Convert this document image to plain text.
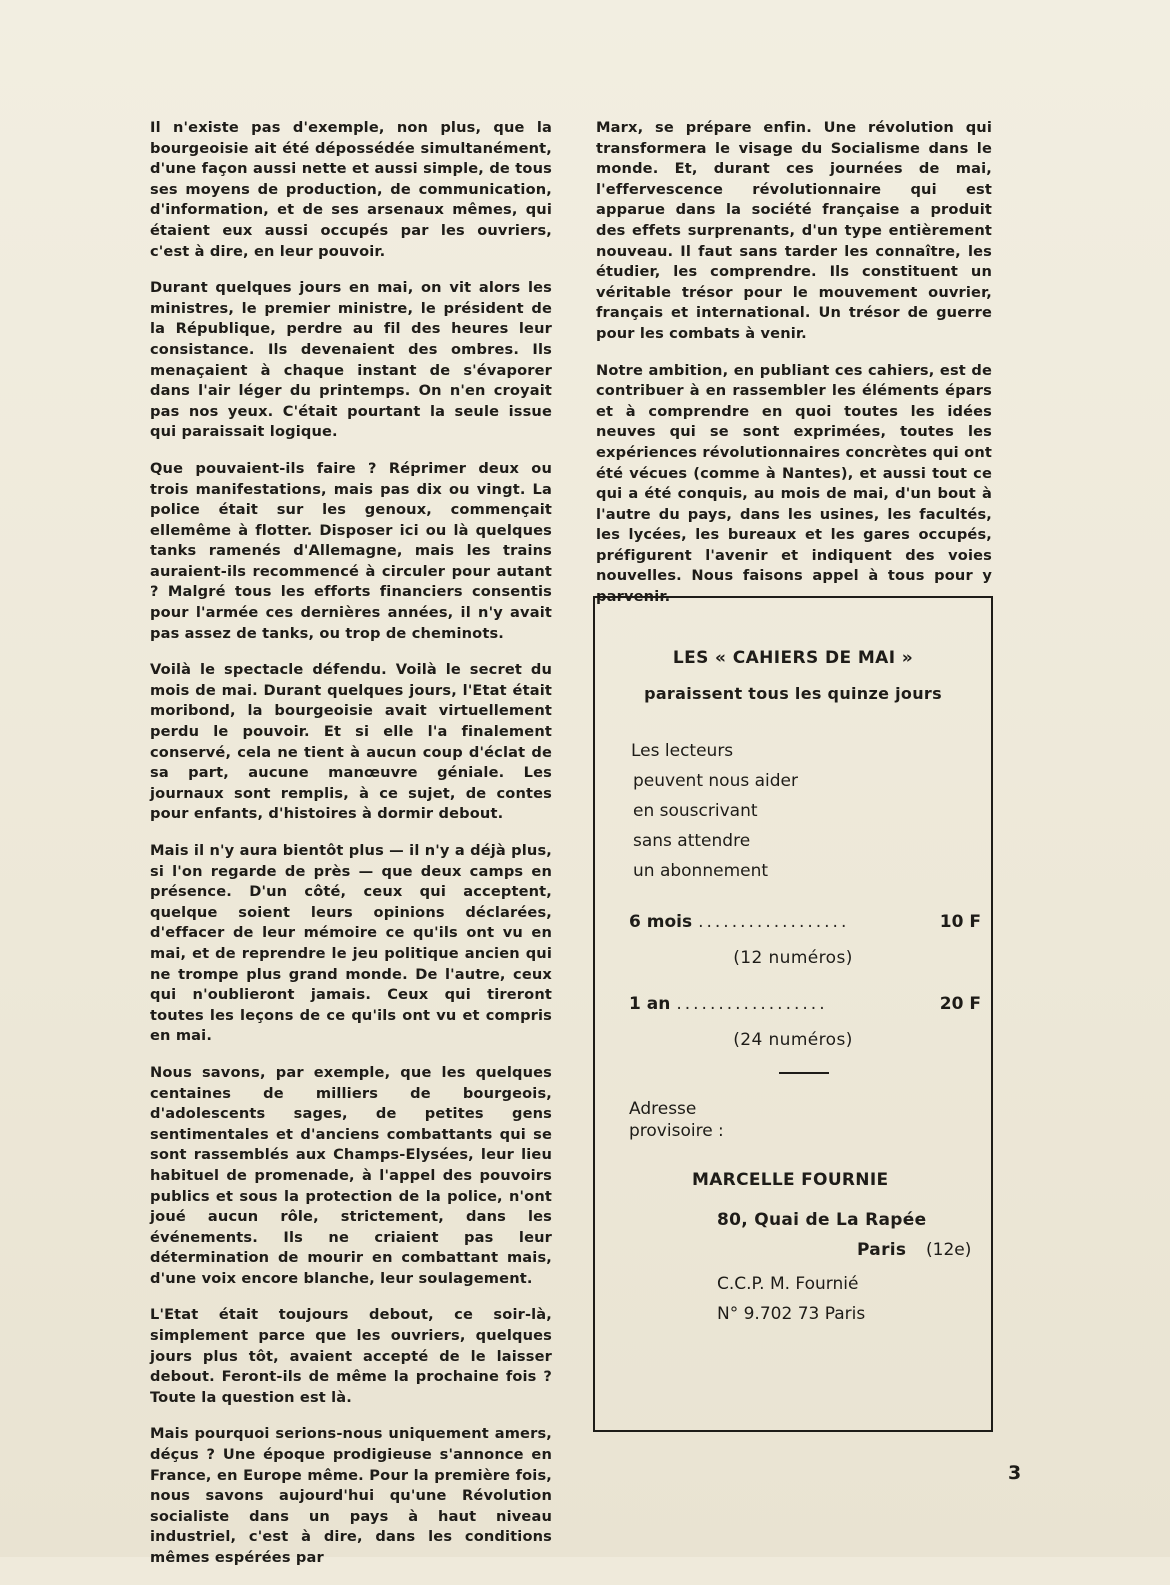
Il n'existe pas d'exemple, non plus, que la bourgeoisie ait été dépossédée simultanément, d'une façon aussi nette et aussi simple, de tous ses moyens de production, de communication, d'information, et de ses arsenaux mêmes, qui étaient eux aussi occupés par les ouvriers, c'est à dire, en leur pouvoir.

Durant quelques jours en mai, on vit alors les ministres, le premier ministre, le président de la République, perdre au fil des heures leur consistance. Ils devenaient des ombres. Ils menaçaient à chaque instant de s'évaporer dans l'air léger du printemps. On n'en croyait pas nos yeux. C'était pourtant la seule issue qui paraissait logique.

Que pouvaient-ils faire ? Réprimer deux ou trois manifestations, mais pas dix ou vingt. La police était sur les genoux, commençait ellemême à flotter. Disposer ici ou là quelques tanks ramenés d'Allemagne, mais les trains auraient-ils recommencé à circuler pour autant ? Malgré tous les efforts financiers consentis pour l'armée ces dernières années, il n'y avait pas assez de tanks, ou trop de cheminots.

Voilà le spectacle défendu. Voilà le secret du mois de mai. Durant quelques jours, l'Etat était moribond, la bourgeoisie avait virtuellement perdu le pouvoir. Et si elle l'a finalement conservé, cela ne tient à aucun coup d'éclat de sa part, aucune manœuvre géniale. Les journaux sont remplis, à ce sujet, de contes pour enfants, d'histoires à dormir debout.

Mais il n'y aura bientôt plus — il n'y a déjà plus, si l'on regarde de près — que deux camps en présence. D'un côté, ceux qui acceptent, quelque soient leurs opinions déclarées, d'effacer de leur mémoire ce qu'ils ont vu en mai, et de reprendre le jeu politique ancien qui ne trompe plus grand monde. De l'autre, ceux qui n'oublieront jamais. Ceux qui tireront toutes les leçons de ce qu'ils ont vu et compris en mai.

Nous savons, par exemple, que les quelques centaines de milliers de bourgeois, d'adolescents sages, de petites gens sentimentales et d'anciens combattants qui se sont rassemblés aux Champs-Elysées, leur lieu habituel de promenade, à l'appel des pouvoirs publics et sous la protection de la police, n'ont joué aucun rôle, strictement, dans les événements. Ils ne criaient pas leur détermination de mourir en combattant mais, d'une voix encore blanche, leur soulagement.

L'Etat était toujours debout, ce soir-là, simplement parce que les ouvriers, quelques jours plus tôt, avaient accepté de le laisser debout. Feront-ils de même la prochaine fois ? Toute la question est là.

Mais pourquoi serions-nous uniquement amers, déçus ? Une époque prodigieuse s'annonce en France, en Europe même. Pour la première fois, nous savons aujourd'hui qu'une Révolution socialiste dans un pays à haut niveau industriel, c'est à dire, dans les conditions mêmes espérées par

Marx, se prépare enfin. Une révolution qui transformera le visage du Socialisme dans le monde. Et, durant ces journées de mai, l'effervescence révolutionnaire qui est apparue dans la société française a produit des effets surprenants, d'un type entièrement nouveau. Il faut sans tarder les connaître, les étudier, les comprendre. Ils constituent un véritable trésor pour le mouvement ouvrier, français et international. Un trésor de guerre pour les combats à venir.

Notre ambition, en publiant ces cahiers, est de contribuer à en rassembler les éléments épars et à comprendre en quoi toutes les idées neuves qui se sont exprimées, toutes les expériences révolutionnaires concrètes qui ont été vécues (comme à Nantes), et aussi tout ce qui a été conquis, au mois de mai, d'un bout à l'autre du pays, dans les usines, les facultés, les lycées, les bureaux et les gares occupés, préfigurent l'avenir et indiquent des voies nouvelles. Nous faisons appel à tous pour y parvenir.

LES « CAHIERS DE MAI »
paraissent tous les quinze jours
Les lecteurs
peuvent nous aider
en souscrivant
sans attendre
un abonnement
6 mois ..................	10 F
(12 numéros)
1 an ..................	20 F
(24 numéros)
Adresse
provisoire :
MARCELLE FOURNIE
80, Quai de La Rapée
Paris (12e)
C.C.P. M. Fournié
N° 9.702 73 Paris
3
